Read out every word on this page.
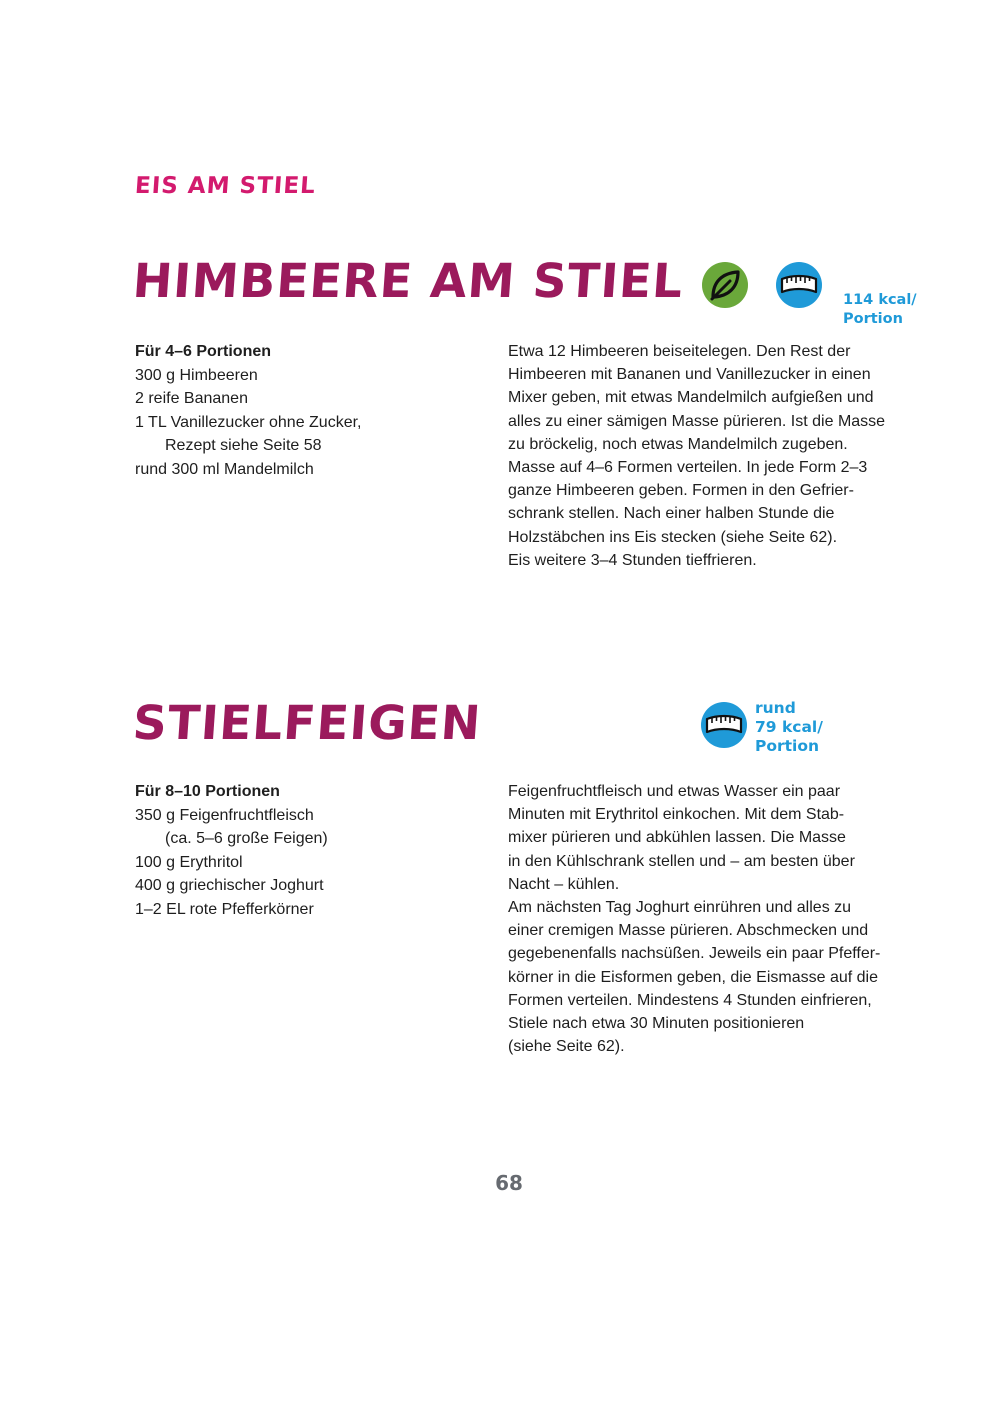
EIS AM STIEL
HIMBEERE AM STIEL	114 kcal/
Portion
Für 4–6 Portionen
300 g Himbeeren
2 reife Bananen
1 TL Vanillezucker ohne Zucker,
Rezept siehe Seite 58
rund 300 ml Mandelmilch
Etwa 12 Himbeeren beiseitelegen. Den Rest der
Himbeeren mit Bananen und Vanillezucker in einen
Mixer geben, mit etwas Mandelmilch aufgießen und
alles zu einer sämigen Masse pürieren. Ist die Masse
zu bröckelig, noch etwas Mandelmilch zugeben.
Masse auf 4–6 Formen verteilen. In jede Form 2–3
ganze Himbeeren geben. Formen in den Gefrier-
schrank stellen. Nach einer halben Stunde die
Holzstäbchen ins Eis stecken (siehe Seite 62).
Eis weitere 3–4 Stunden tieffrieren.
STIELFEIGEN	rund
79 kcal/
Portion
Für 8–10 Portionen
350 g Feigenfruchtfleisch
(ca. 5–6 große Feigen)
100 g Erythritol
400 g griechischer Joghurt
1–2 EL rote Pfefferkörner
Feigenfruchtfleisch und etwas Wasser ein paar
Minuten mit Erythritol einkochen. Mit dem Stab-
mixer pürieren und abkühlen lassen. Die Masse
in den Kühlschrank stellen und – am besten über
Nacht – kühlen.
Am nächsten Tag Joghurt einrühren und alles zu
einer cremigen Masse pürieren. Abschmecken und
gegebenenfalls nachsüßen. Jeweils ein paar Pfeffer-
körner in die Eisformen geben, die Eismasse auf die
Formen verteilen. Mindestens 4 Stunden einfrieren,
Stiele nach etwa 30 Minuten positionieren
(siehe Seite 62).
68
